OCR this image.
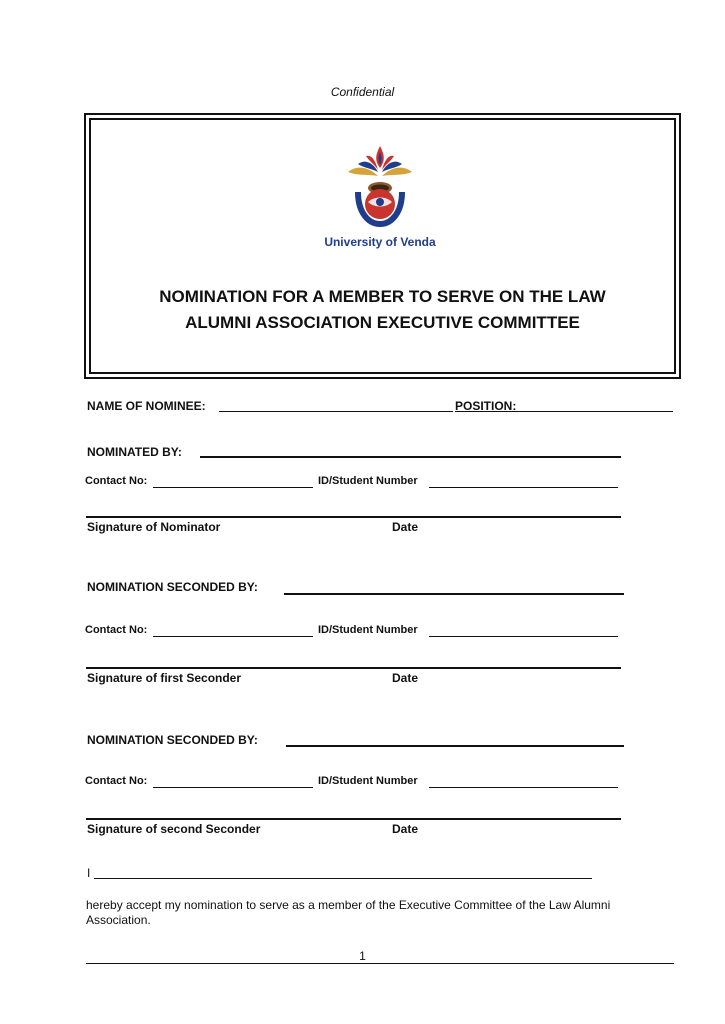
Confidential
University of Venda
NOMINATION FOR A MEMBER TO SERVE ON THE LAW
ALUMNI ASSOCIATION EXECUTIVE COMMITTEE
NAME OF NOMINEE:	POSITION:
NOMINATED BY:
Contact No:	ID/Student Number
Signature of Nominator	Date
NOMINATION SECONDED BY:
Contact No:	ID/Student Number
Signature of first Seconder	Date
NOMINATION SECONDED BY:
Contact No:	ID/Student Number
Signature of second Seconder	Date
I
hereby accept my nomination to serve as a member of the Executive Committee of the Law Alumni Association.
1
